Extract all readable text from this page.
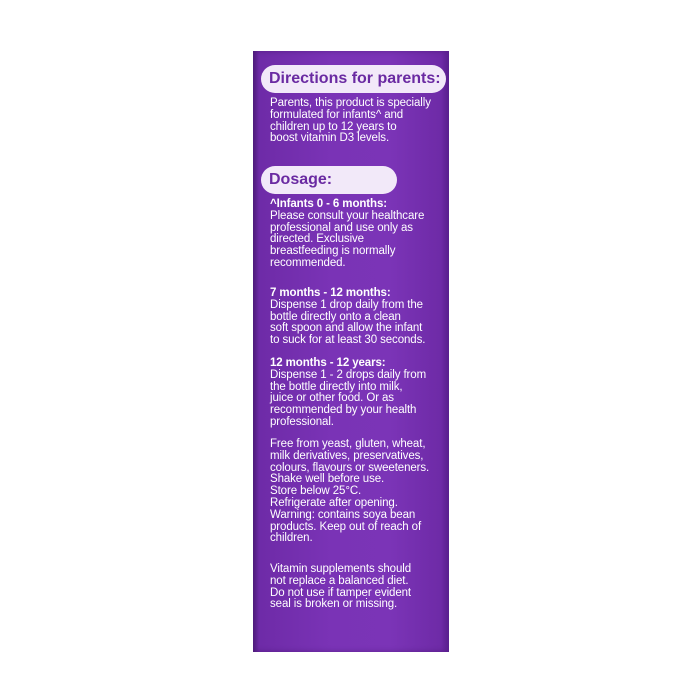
Directions for parents:
Parents, this product is specially
formulated for infants^ and
children up to 12 years to
boost vitamin D3 levels.
Dosage:
^Infants 0 - 6 months:
Please consult your healthcare
professional and use only as
directed. Exclusive
breastfeeding is normally
recommended.
7 months - 12 months:
Dispense 1 drop daily from the
bottle directly onto a clean
soft spoon and allow the infant
to suck for at least 30 seconds.
12 months - 12 years:
Dispense 1 - 2 drops daily from
the bottle directly into milk,
juice or other food. Or as
recommended by your health
professional.
Free from yeast, gluten, wheat,
milk derivatives, preservatives,
colours, flavours or sweeteners.
Shake well before use.
Store below 25°C.
Refrigerate after opening.
Warning: contains soya bean
products. Keep out of reach of
children.
Vitamin supplements should
not replace a balanced diet.
Do not use if tamper evident
seal is broken or missing.
